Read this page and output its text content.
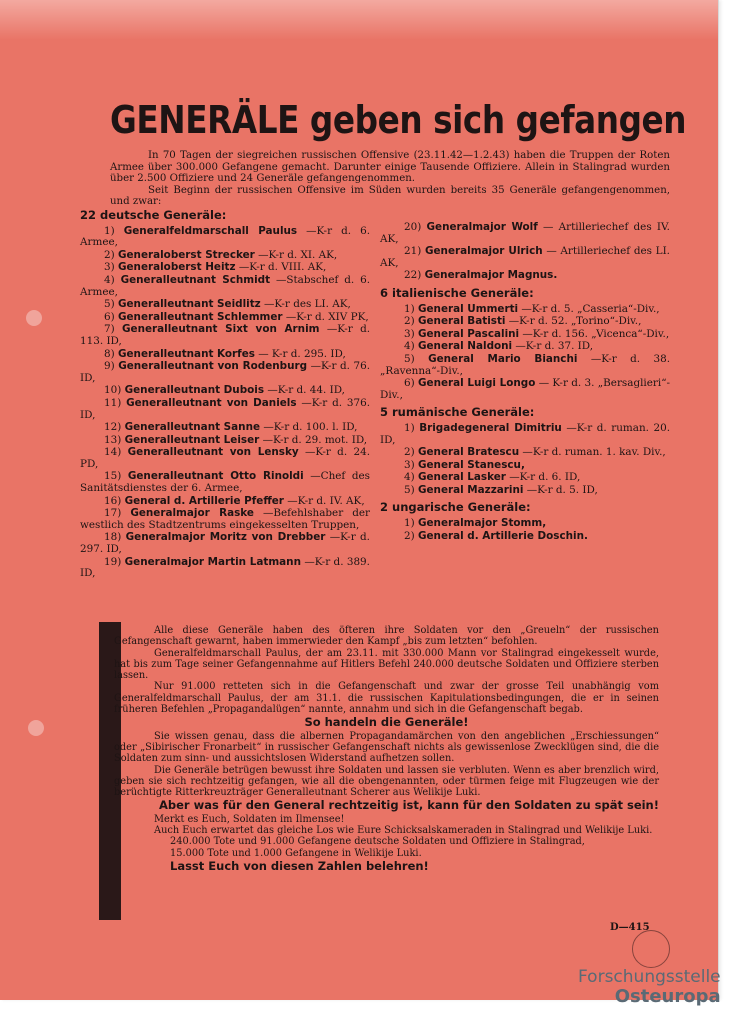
GENERÄLE geben sich gefangen

In 70 Tagen der siegreichen russischen Offensive (23.11.42—1.2.43) haben die Truppen der Roten Armee über 300.000 Gefangene gemacht. Darunter einige Tausende Offiziere. Allein in Stalingrad wurden über 2.500 Offiziere und 24 Generäle gefangengenommen.

Seit Beginn der russischen Offensive im Süden wurden bereits 35 Generäle gefangengenommen, und zwar:

22 deutsche Generäle:
1) Generalfeldmarschall Paulus —K-r d. 6. Armee,
2) Generaloberst Strecker —K-r d. XI. AK,
3) Generaloberst Heitz —K-r d. VIII. AK,
4) Generalleutnant Schmidt —Stabschef d. 6. Armee,
5) Generalleutnant Seidlitz —K-r des LI. AK,
6) Generalleutnant Schlemmer —K-r d. XIV PK,
7) Generalleutnant Sixt von Arnim —K-r d. 113. ID,
8) Generalleutnant Korfes — K-r d. 295. ID,
9) Generalleutnant von Rodenburg —K-r d. 76. ID,
10) Generalleutnant Dubois —K-r d. 44. ID,
11) Generalleutnant von Daniels —K-r d. 376. ID,
12) Generalleutnant Sanne —K-r d. 100. l. ID,
13) Generalleutnant Leiser —K-r d. 29. mot. ID,
14) Generalleutnant von Lensky —K-r d. 24. PD,
15) Generalleutnant Otto Rinoldi —Chef des Sanitätsdienstes der 6. Armee,
16) General d. Artillerie Pfeffer —K-r d. IV. AK,
17) Generalmajor Raske —Befehlshaber der westlich des Stadtzentrums eingekesselten Truppen,
18) Generalmajor Moritz von Drebber —K-r d. 297. ID,
19) Generalmajor Martin Latmann —K-r d. 389. ID,
20) Generalmajor Wolf — Artilleriechef des IV. AK,
21) Generalmajor Ulrich — Artilleriechef des LI. AK,
22) Generalmajor Magnus.
6 italienische Generäle:
1) General Ummerti —K-r d. 5. „Casseria“-Div.,
2) General Batisti —K-r d. 52. „Torino“-Div.,
3) General Pascalini —K-r d. 156. „Vicenca“-Div.,
4) General Naldoni —K-r d. 37. ID,
5) General Mario Bianchi —K-r d. 38. „Ravenna“-Div.,
6) General Luigi Longo — K-r d. 3. „Bersaglieri“-Div.,
5 rumänische Generäle:
1) Brigadegeneral Dimitriu —K-r d. ruman. 20. ID,
2) General Bratescu —K-r d. ruman. 1. kav. Div.,
3) General Stanescu,
4) General Lasker —K-r d. 6. ID,
5) General Mazzarini —K-r d. 5. ID,
2 ungarische Generäle:
1) Generalmajor Stomm,
2) General d. Artillerie Doschin.

Alle diese Generäle haben des öfteren ihre Soldaten vor den „Greueln“ der russischen Gefangenschaft gewarnt, haben immerwieder den Kampf „bis zum letzten“ befohlen.

Generalfeldmarschall Paulus, der am 23.11. mit 330.000 Mann vor Stalingrad eingekesselt wurde, hat bis zum Tage seiner Gefangennahme auf Hitlers Befehl 240.000 deutsche Soldaten und Offiziere sterben lassen.

Nur 91.000 retteten sich in die Gefangenschaft und zwar der grosse Teil unabhängig vom Generalfeldmarschall Paulus, der am 31.1. die russischen Kapitulationsbedingungen, die er in seinen früheren Befehlen „Propagandalügen“ nannte, annahm und sich in die Gefangenschaft begab.

So handeln die Generäle!

Sie wissen genau, dass die albernen Propagandamärchen von den angeblichen „Erschiessungen“ oder „Sibirischer Fronarbeit“ in russischer Gefangenschaft nichts als gewissenlose Zwecklügen sind, die die Soldaten zum sinn- und aussichtslosen Widerstand aufhetzen sollen.

Die Generäle betrügen bewusst ihre Soldaten und lassen sie verbluten. Wenn es aber brenzlich wird, geben sie sich rechtzeitig gefangen, wie all die obengenannten, oder türmen feige mit Flugzeugen wie der berüchtigte Ritterkreuzträger Generalleutnant Scherer aus Welikije Luki.

Aber was für den General rechtzeitig ist, kann für den Soldaten zu spät sein!

Merkt es Euch, Soldaten im Ilmensee!

Auch Euch erwartet das gleiche Los wie Eure Schicksalskameraden in Stalingrad und Welikije Luki.

240.000 Tote und 91.000 Gefangene deutsche Soldaten und Offiziere in Stalingrad,

15.000 Tote und 1.000 Gefangene in Welikije Luki.

Lasst Euch von diesen Zahlen belehren!

D—415
Forschungsstelle
Osteuropa
